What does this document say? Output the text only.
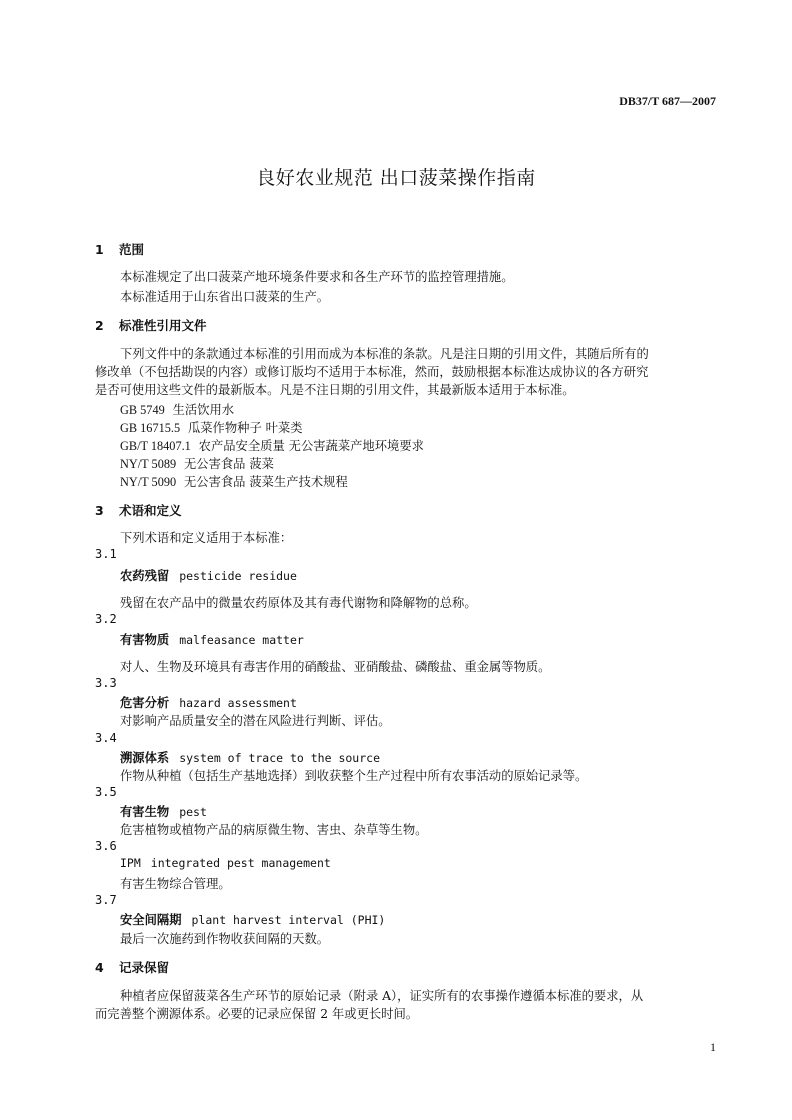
DB37/T 687—2007
良好农业规范 出口菠菜操作指南
1 范围
本标准规定了出口菠菜产地环境条件要求和各生产环节的监控管理措施。
本标准适用于山东省出口菠菜的生产。
2 标准性引用文件
下列文件中的条款通过本标准的引用而成为本标准的条款。凡是注日期的引用文件，其随后所有的
修改单（不包括勘误的内容）或修订版均不适用于本标准，然而，鼓励根据本标准达成协议的各方研究
是否可使用这些文件的最新版本。凡是不注日期的引用文件，其最新版本适用于本标准。
GB 5749 生活饮用水
GB 16715.5 瓜菜作物种子 叶菜类
GB/T 18407.1 农产品安全质量 无公害蔬菜产地环境要求
NY/T 5089 无公害食品 菠菜
NY/T 5090 无公害食品 菠菜生产技术规程
3 术语和定义
下列术语和定义适用于本标准：
3.1
农药残留 pesticide residue
残留在农产品中的微量农药原体及其有毒代谢物和降解物的总称。
3.2
有害物质 malfeasance matter
对人、生物及环境具有毒害作用的硝酸盐、亚硝酸盐、磷酸盐、重金属等物质。
3.3
危害分析 hazard assessment
对影响产品质量安全的潜在风险进行判断、评估。
3.4
溯源体系 system of trace to the source
作物从种植（包括生产基地选择）到收获整个生产过程中所有农事活动的原始记录等。
3.5
有害生物 pest
危害植物或植物产品的病原微生物、害虫、杂草等生物。
3.6
IPM integrated pest management
有害生物综合管理。
3.7
安全间隔期 plant harvest interval (PHI)
最后一次施药到作物收获间隔的天数。
4 记录保留
种植者应保留菠菜各生产环节的原始记录（附录 A），证实所有的农事操作遵循本标准的要求，从
而完善整个溯源体系。必要的记录应保留 2 年或更长时间。
1
